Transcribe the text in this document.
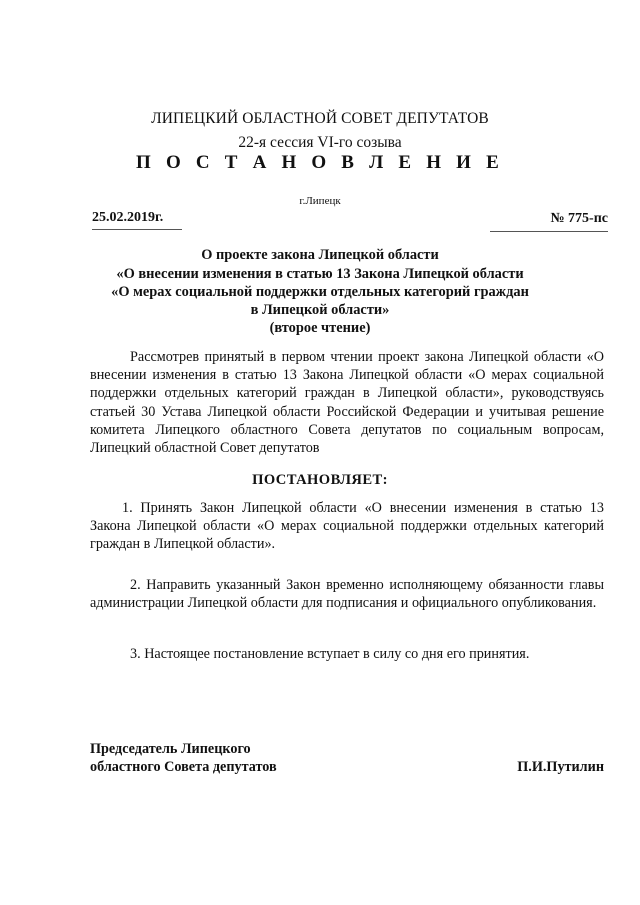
ЛИПЕЦКИЙ ОБЛАСТНОЙ СОВЕТ ДЕПУТАТОВ
22-я сессия VI-го созыва
П О С Т А Н О В Л Е Н И Е
г.Липецк
25.02.2019г.	№ 775-пс
О проекте закона Липецкой области
«О внесении изменения в статью 13 Закона Липецкой области
«О мерах социальной поддержки отдельных категорий граждан
в Липецкой области»
(второе чтение)
Рассмотрев принятый в первом чтении проект закона Липецкой области «О внесении изменения в статью 13 Закона Липецкой области «О мерах социальной поддержки отдельных категорий граждан в Липецкой области», руководствуясь статьей 30 Устава Липецкой области Российской Федерации и учитывая решение комитета Липецкого областного Совета депутатов по социальным вопросам, Липецкий областной Совет депутатов
ПОСТАНОВЛЯЕТ:
1. Принять Закон Липецкой области «О внесении изменения в статью 13 Закона Липецкой области «О мерах социальной поддержки отдельных категорий граждан в Липецкой области».
2. Направить указанный Закон временно исполняющему обязанности главы администрации Липецкой области для подписания и официального опубликования.
3. Настоящее постановление вступает в силу со дня его принятия.
Председатель Липецкого
областного Совета депутатов	П.И.Путилин
